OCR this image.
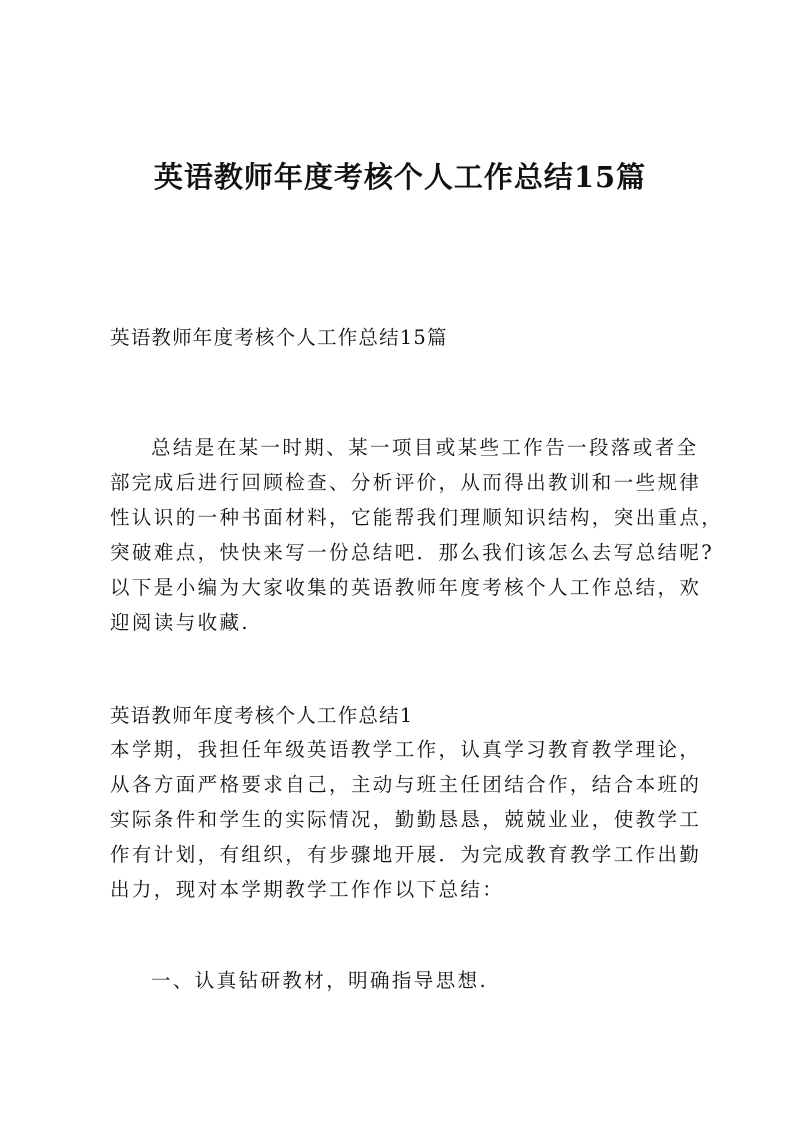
英语教师年度考核个人工作总结15篇
英语教师年度考核个人工作总结15篇
总结是在某一时期、某一项目或某些工作告一段落或者全
部完成后进行回顾检查、分析评价，从而得出教训和一些规律
性认识的一种书面材料，它能帮我们理顺知识结构，突出重点，
突破难点，快快来写一份总结吧．那么我们该怎么去写总结呢?
以下是小编为大家收集的英语教师年度考核个人工作总结，欢
迎阅读与收藏.
英语教师年度考核个人工作总结1
本学期，我担任年级英语教学工作，认真学习教育教学理论，
从各方面严格要求自己，主动与班主任团结合作，结合本班的
实际条件和学生的实际情况，勤勤恳恳，兢兢业业，使教学工
作有计划，有组织，有步骤地开展．为完成教育教学工作出勤
出力，现对本学期教学工作作以下总结：
一、认真钻研教材，明确指导思想.
